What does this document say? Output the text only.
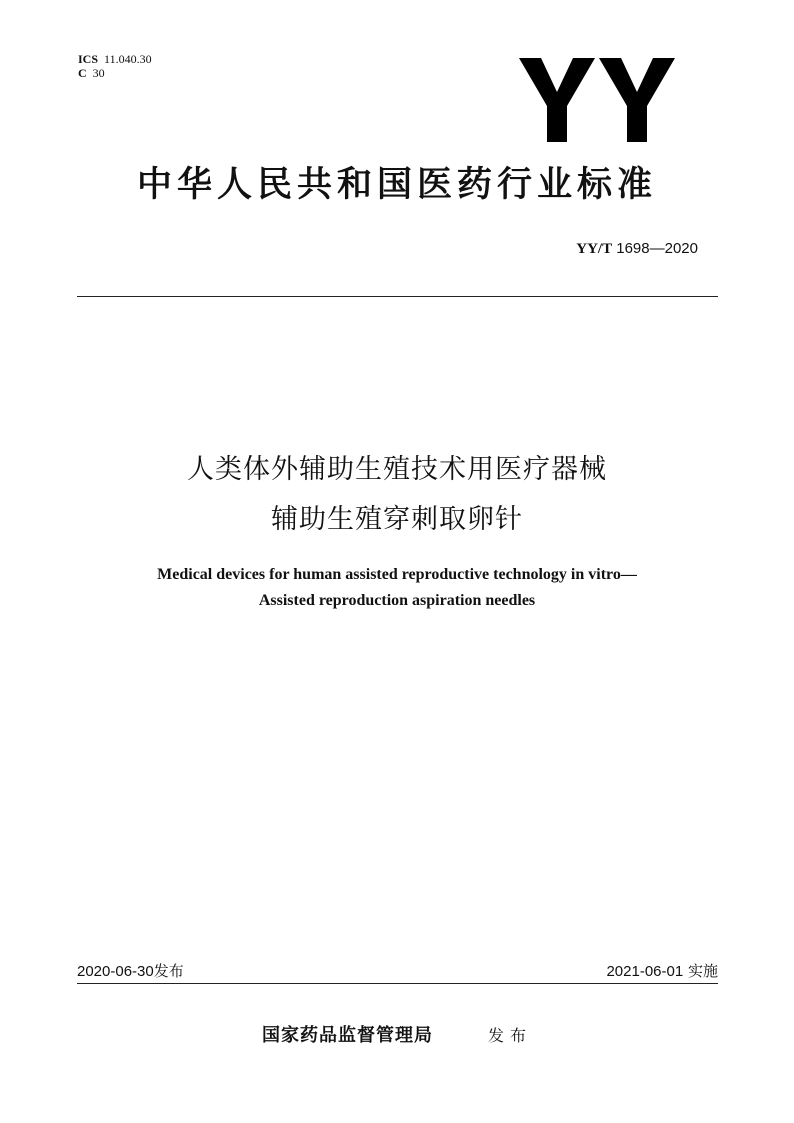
ICS 11.040.30
C 30
中华人民共和国医药行业标准
YY/T 1698—2020
人类体外辅助生殖技术用医疗器械
辅助生殖穿刺取卵针
Medical devices for human assisted reproductive technology in vitro—
Assisted reproduction aspiration needles
2020-06-30发布	2021-06-01 实施
国家药品监督管理局	发布
